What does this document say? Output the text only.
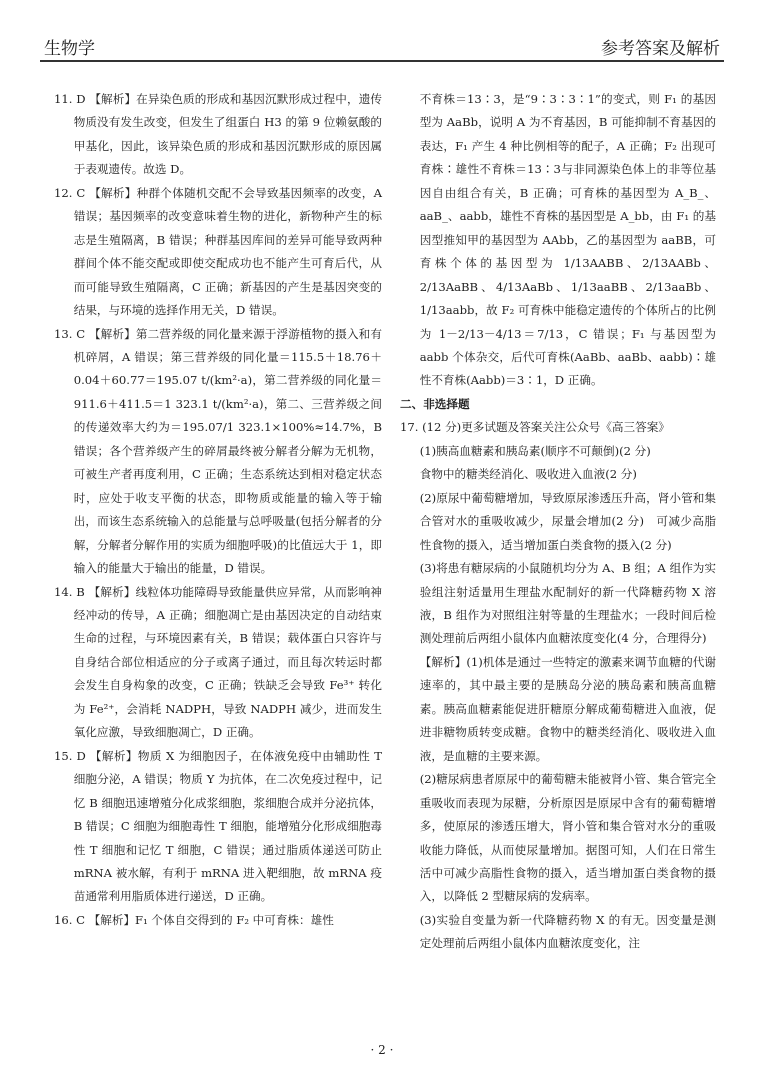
生物学	参考答案及解析

11. D 【解析】在异染色质的形成和基因沉默形成过程中，遗传物质没有发生改变，但发生了组蛋白 H3 的第 9 位赖氨酸的甲基化，因此，该异染色质的形成和基因沉默形成的原因属于表观遗传。故选 D。

12. C 【解析】种群个体随机交配不会导致基因频率的改变，A 错误；基因频率的改变意味着生物的进化，新物种产生的标志是生殖隔离，B 错误；种群基因库间的差异可能导致两种群间个体不能交配或即使交配成功也不能产生可育后代，从而可能导致生殖隔离，C 正确；新基因的产生是基因突变的结果，与环境的选择作用无关，D 错误。

13. C 【解析】第二营养级的同化量来源于浮游植物的摄入和有机碎屑，A 错误；第三营养级的同化量＝115.5＋18.76＋0.04＋60.77＝195.07 t/(km²·a)，第二营养级的同化量＝911.6＋411.5＝1 323.1 t/(km²·a)，第二、三营养级之间的传递效率大约为＝195.07/1 323.1×100%≈14.7%，B 错误；各个营养级产生的碎屑最终被分解者分解为无机物，可被生产者再度利用，C 正确；生态系统达到相对稳定状态时，应处于收支平衡的状态，即物质或能量的输入等于输出，而该生态系统输入的总能量与总呼吸量(包括分解者的分解，分解者分解作用的实质为细胞呼吸)的比值远大于 1，即输入的能量大于输出的能量，D 错误。

14. B 【解析】线粒体功能障碍导致能量供应异常，从而影响神经冲动的传导，A 正确；细胞凋亡是由基因决定的自动结束生命的过程，与环境因素有关，B 错误；载体蛋白只容许与自身结合部位相适应的分子或离子通过，而且每次转运时都会发生自身构象的改变，C 正确；铁缺乏会导致 Fe³⁺ 转化为 Fe²⁺，会消耗 NADPH，导致 NADPH 减少，进而发生氧化应激，导致细胞凋亡，D 正确。

15. D 【解析】物质 X 为细胞因子，在体液免疫中由辅助性 T 细胞分泌，A 错误；物质 Y 为抗体，在二次免疫过程中，记忆 B 细胞迅速增殖分化成浆细胞，浆细胞合成并分泌抗体，B 错误；C 细胞为细胞毒性 T 细胞，能增殖分化形成细胞毒性 T 细胞和记忆 T 细胞，C 错误；通过脂质体递送可防止 mRNA 被水解，有利于 mRNA 进入靶细胞，故 mRNA 疫苗通常利用脂质体进行递送，D 正确。

16. C 【解析】F₁ 个体自交得到的 F₂ 中可育株：雄性

不育株＝13∶3，是“9∶3∶3∶1”的变式，则 F₁ 的基因型为 AaBb，说明 A 为不育基因，B 可能抑制不育基因的表达，F₁ 产生 4 种比例相等的配子，A 正确；F₂ 出现可育株∶雄性不育株＝13∶3与非同源染色体上的非等位基因自由组合有关，B 正确；可育株的基因型为 A_B_、aaB_、aabb，雄性不育株的基因型是 A_bb，由 F₁ 的基因型推知甲的基因型为 AAbb，乙的基因型为 aaBB，可育株个体的基因型为 1/13AABB、2/13AABb、2/13AaBB、4/13AaBb、1/13aaBB、2/13aaBb、1/13aabb，故 F₂ 可育株中能稳定遗传的个体所占的比例为 1－2/13－4/13＝7/13，C 错误；F₁ 与基因型为 aabb 个体杂交，后代可育株(AaBb、aaBb、aabb)∶雄性不育株(Aabb)＝3∶1，D 正确。

二、非选择题

17. (12 分)更多试题及答案关注公众号《高三答案》

(1)胰高血糖素和胰岛素(顺序不可颠倒)(2 分)

食物中的糖类经消化、吸收进入血液(2 分)

(2)原尿中葡萄糖增加，导致原尿渗透压升高，肾小管和集合管对水的重吸收减少，尿量会增加(2 分)　可减少高脂性食物的摄入，适当增加蛋白类食物的摄入(2 分)

(3)将患有糖尿病的小鼠随机均分为 A、B 组；A 组作为实验组注射适量用生理盐水配制好的新一代降糖药物 X 溶液，B 组作为对照组注射等量的生理盐水；一段时间后检测处理前后两组小鼠体内血糖浓度变化(4 分，合理得分)

【解析】(1)机体是通过一些特定的激素来调节血糖的代谢速率的，其中最主要的是胰岛分泌的胰岛素和胰高血糖素。胰高血糖素能促进肝糖原分解成葡萄糖进入血液，促进非糖物质转变成糖。食物中的糖类经消化、吸收进入血液，是血糖的主要来源。

(2)糖尿病患者原尿中的葡萄糖未能被肾小管、集合管完全重吸收而表现为尿糖，分析原因是原尿中含有的葡萄糖增多，使原尿的渗透压增大，肾小管和集合管对水分的重吸收能力降低，从而使尿量增加。据图可知，人们在日常生活中可减少高脂性食物的摄入，适当增加蛋白类食物的摄入，以降低 2 型糖尿病的发病率。

(3)实验自变量为新一代降糖药物 X 的有无。因变量是测定处理前后两组小鼠体内血糖浓度变化，注

· 2 ·
